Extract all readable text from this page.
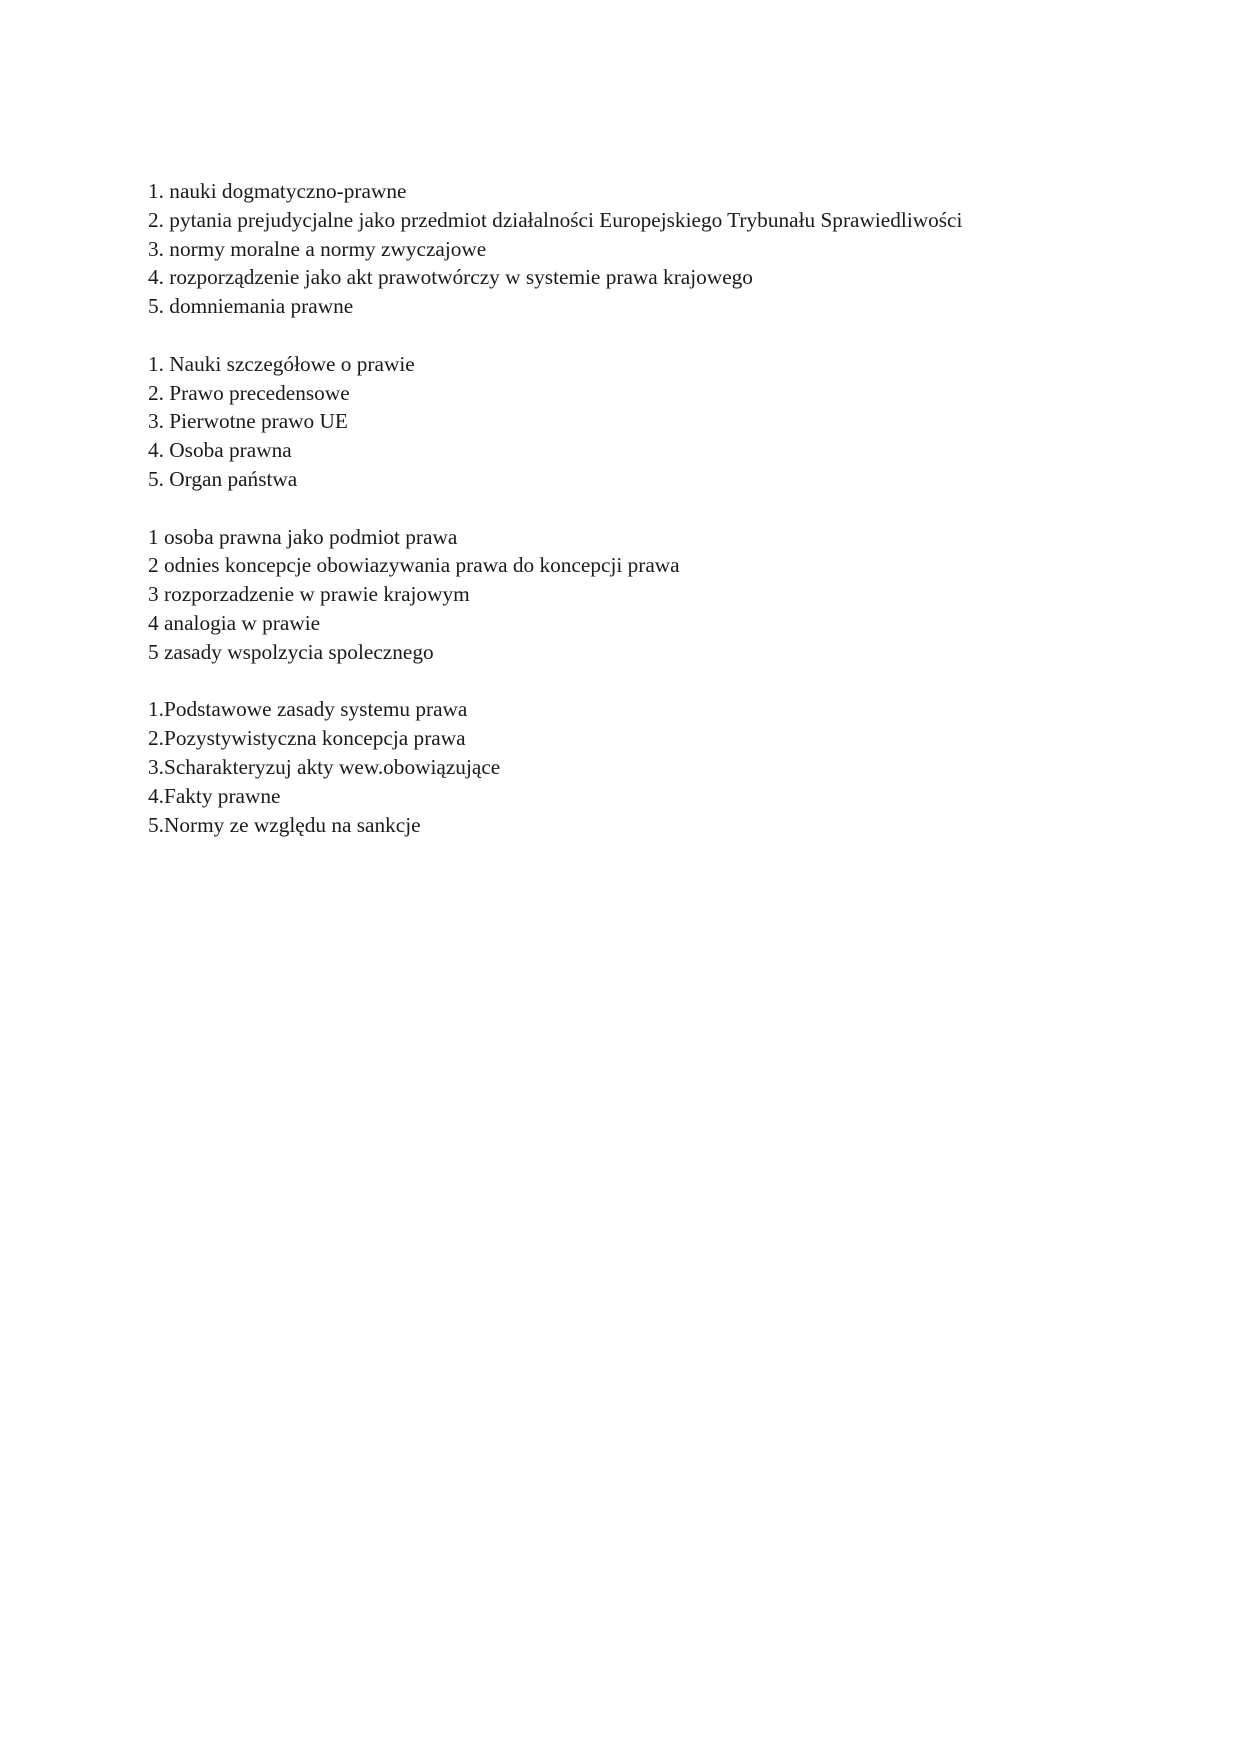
1. nauki dogmatyczno-prawne
2. pytania prejudycjalne jako przedmiot działalności Europejskiego Trybunału Sprawiedliwości
3. normy moralne a normy zwyczajowe
4. rozporządzenie jako akt prawotwórczy w systemie prawa krajowego
5. domniemania prawne
1. Nauki szczegółowe o prawie
2. Prawo precedensowe
3. Pierwotne prawo UE
4. Osoba prawna
5. Organ państwa
1 osoba prawna jako podmiot prawa
2 odnies koncepcje obowiazywania prawa do koncepcji prawa
3 rozporzadzenie w prawie krajowym
4 analogia w prawie
5 zasady wspolzycia spolecznego
1.Podstawowe zasady systemu prawa
2.Pozystywistyczna koncepcja prawa
3.Scharakteryzuj akty wew.obowiązujące
4.Fakty prawne
5.Normy ze względu na sankcje
